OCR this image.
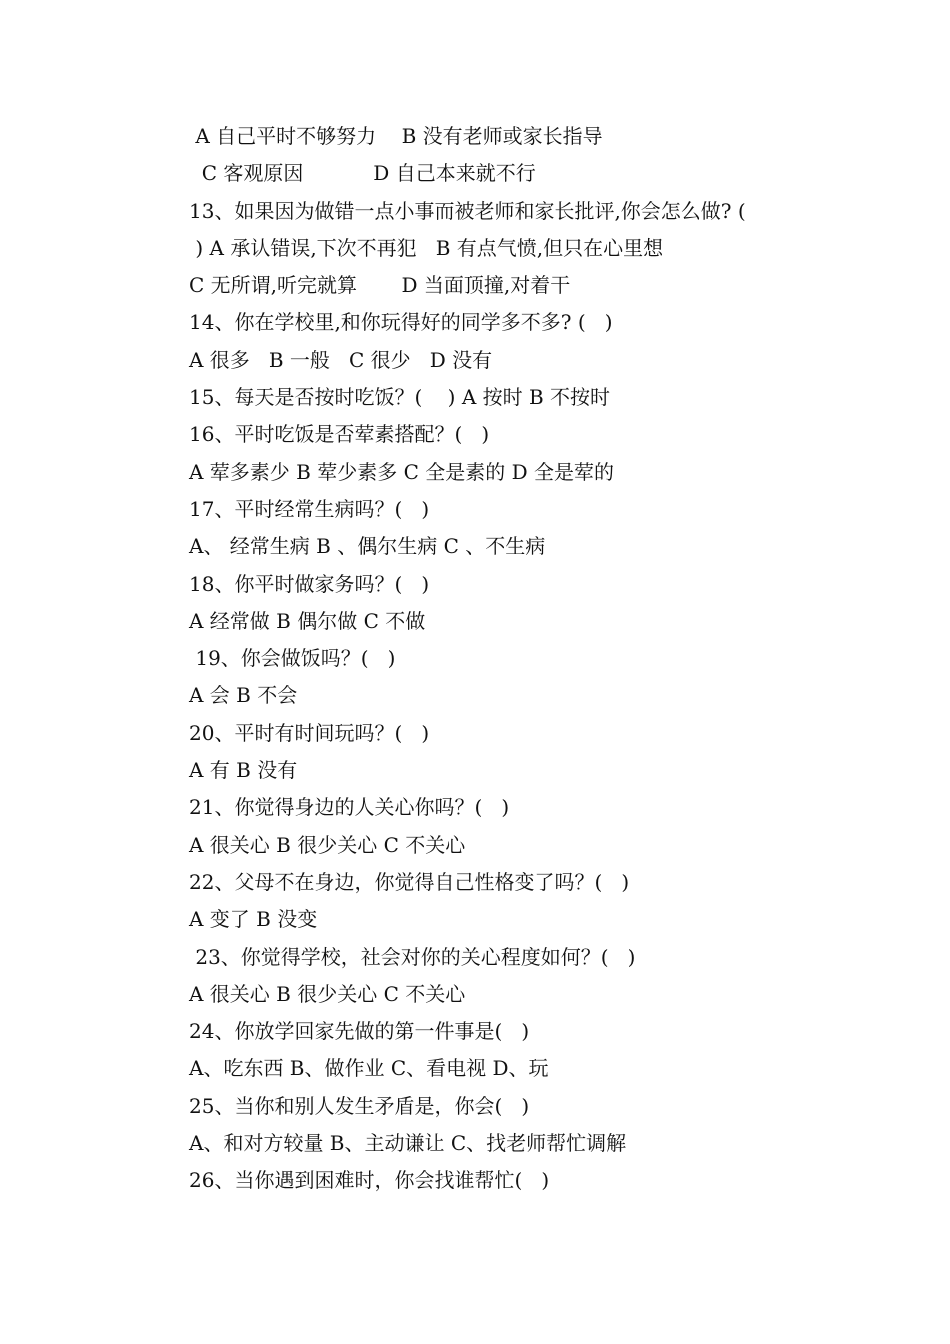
A 自己平时不够努力    B 没有老师或家长指导
C 客观原因           D 自己本来就不行
13、如果因为做错一点小事而被老师和家长批评,你会怎么做? (
) A 承认错误,下次不再犯   B 有点气愤,但只在心里想
C 无所谓,听完就算       D 当面顶撞,对着干
14、你在学校里,和你玩得好的同学多不多? (   )
A 很多   B 一般   C 很少   D 没有
15、每天是否按时吃饭？(    ) A 按时 B 不按时
16、平时吃饭是否荤素搭配？(   )
A 荤多素少 B 荤少素多 C 全是素的 D 全是荤的
17、平时经常生病吗？(   )
A、 经常生病 B 、偶尔生病 C 、不生病
18、你平时做家务吗？(   )
A 经常做 B 偶尔做 C 不做
19、你会做饭吗？(   )
A 会 B 不会
20、平时有时间玩吗？(   )
A 有 B 没有
21、你觉得身边的人关心你吗？(   )
A 很关心 B 很少关心 C 不关心
22、父母不在身边，你觉得自己性格变了吗？(   )
A 变了 B 没变
23、你觉得学校，社会对你的关心程度如何？(   )
A 很关心 B 很少关心 C 不关心
24、你放学回家先做的第一件事是(   )
A、吃东西 B、做作业 C、看电视 D、玩
25、当你和别人发生矛盾是，你会(   )
A、和对方较量 B、主动谦让 C、找老师帮忙调解
26、当你遇到困难时，你会找谁帮忙(   )
